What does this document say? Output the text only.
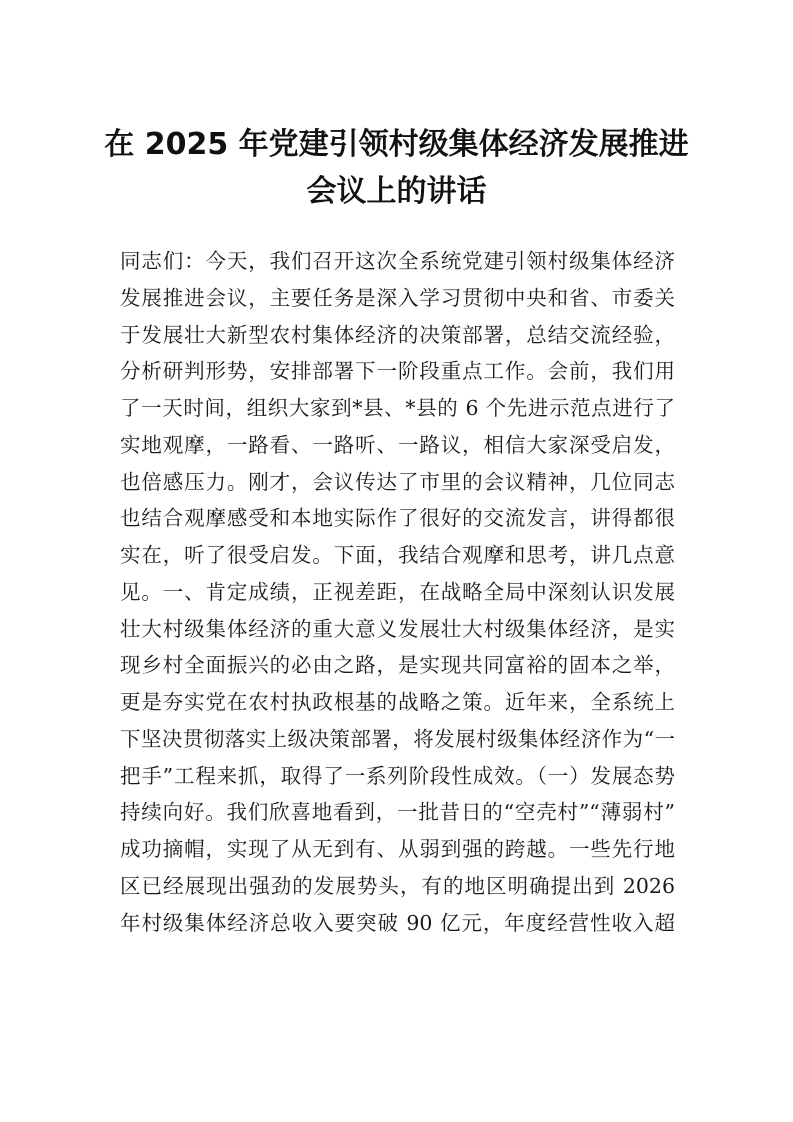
在 2025 年党建引领村级集体经济发展推进
会议上的讲话
同志们：今天，我们召开这次全系统党建引领村级集体经济
发展推进会议，主要任务是深入学习贯彻中央和省、市委关
于发展壮大新型农村集体经济的决策部署，总结交流经验，
分析研判形势，安排部署下一阶段重点工作。会前，我们用
了一天时间，组织大家到*县、*县的 6 个先进示范点进行了
实地观摩，一路看、一路听、一路议，相信大家深受启发，
也倍感压力。刚才，会议传达了市里的会议精神，几位同志
也结合观摩感受和本地实际作了很好的交流发言，讲得都很
实在，听了很受启发。下面，我结合观摩和思考，讲几点意
见。一、肯定成绩，正视差距，在战略全局中深刻认识发展
壮大村级集体经济的重大意义发展壮大村级集体经济，是实
现乡村全面振兴的必由之路，是实现共同富裕的固本之举，
更是夯实党在农村执政根基的战略之策。近年来，全系统上
下坚决贯彻落实上级决策部署，将发展村级集体经济作为“一
把手”工程来抓，取得了一系列阶段性成效。（一）发展态势
持续向好。我们欣喜地看到，一批昔日的“空壳村”“薄弱村”
成功摘帽，实现了从无到有、从弱到强的跨越。一些先行地
区已经展现出强劲的发展势头，有的地区明确提出到 2026
年村级集体经济总收入要突破 90 亿元，年度经营性收入超
